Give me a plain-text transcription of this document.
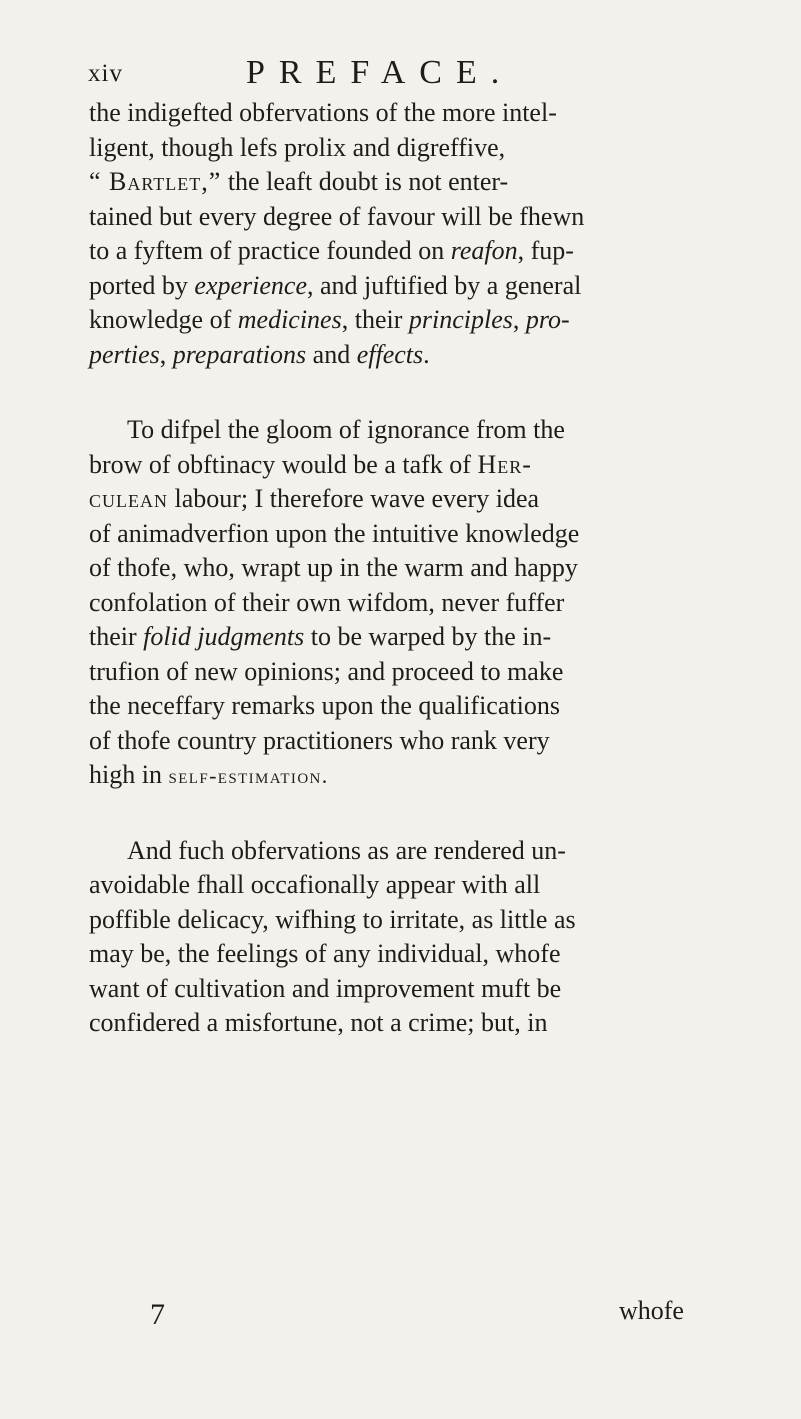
xiv	PREFACE.

the indigefted obfervations of the more intel-
ligent, though lefs prolix and digreffive,
“ Bartlet,” the leaft doubt is not enter-
tained but every degree of favour will be fhewn
to a fyftem of practice founded on reafon, fup-
ported by experience, and juftified by a general
knowledge of medicines, their principles, pro-
perties, preparations and effects.

To difpel the gloom of ignorance from the
brow of obftinacy would be a tafk of Her-
culean labour; I therefore wave every idea
of animadverfion upon the intuitive knowledge
of thofe, who, wrapt up in the warm and happy
confolation of their own wifdom, never fuffer
their folid judgments to be warped by the in-
trufion of new opinions; and proceed to make
the neceffary remarks upon the qualifications
of thofe country practitioners who rank very
high in self-estimation.

And fuch obfervations as are rendered un-
avoidable fhall occafionally appear with all
poffible delicacy, wifhing to irritate, as little as
may be, the feelings of any individual, whofe
want of cultivation and improvement muft be
confidered a misfortune, not a crime; but, in

7	whofe
